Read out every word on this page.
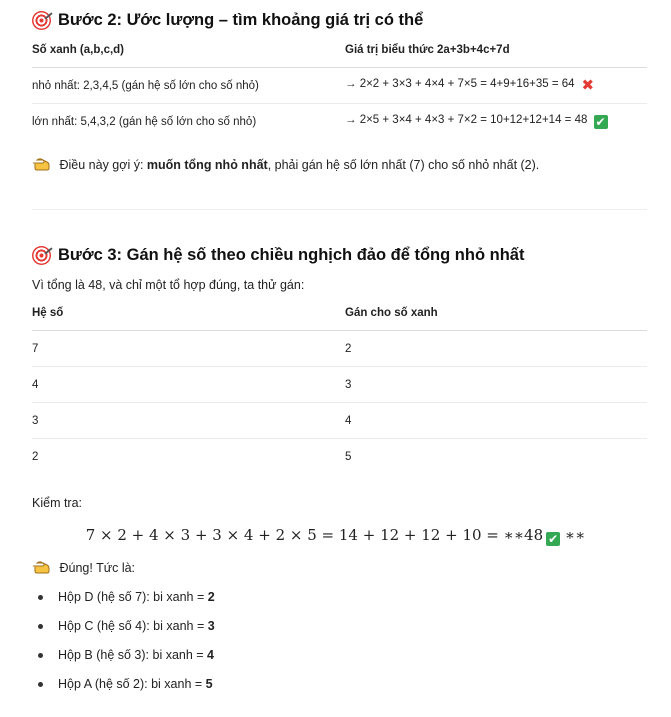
Bước 2: Ước lượng – tìm khoảng giá trị có thể
Số xanh (a,b,c,d)	Giá trị biểu thức 2a+3b+4c+7d
nhỏ nhất: 2,3,4,5 (gán hệ số lớn cho số nhỏ)	→ 2×2 + 3×3 + 4×4 + 7×5 = 4+9+16+35 = 64 ✖
lớn nhất: 5,4,3,2 (gán hệ số lớn cho số nhỏ)	→ 2×5 + 3×4 + 4×3 + 7×2 = 10+12+12+14 = 48 ✔

Điều này gợi ý: muốn tổng nhỏ nhất, phải gán hệ số lớn nhất (7) cho số nhỏ nhất (2).

Bước 3: Gán hệ số theo chiều nghịch đảo để tổng nhỏ nhất

Vì tổng là 48, và chỉ một tổ hợp đúng, ta thử gán:

Hệ số	Gán cho số xanh
7	2
4	3
3	4
2	5

Kiểm tra:

Đúng! Tức là:

Hộp D (hệ số 7): bi xanh = 2
Hộp C (hệ số 4): bi xanh = 3
Hộp B (hệ số 3): bi xanh = 4
Hộp A (hệ số 2): bi xanh = 5
7 × 2 + 4 × 3 + 3 × 4 + 2 × 5 = 14 + 12 + 12 + 10 = ∗∗48 ✔ ∗∗
